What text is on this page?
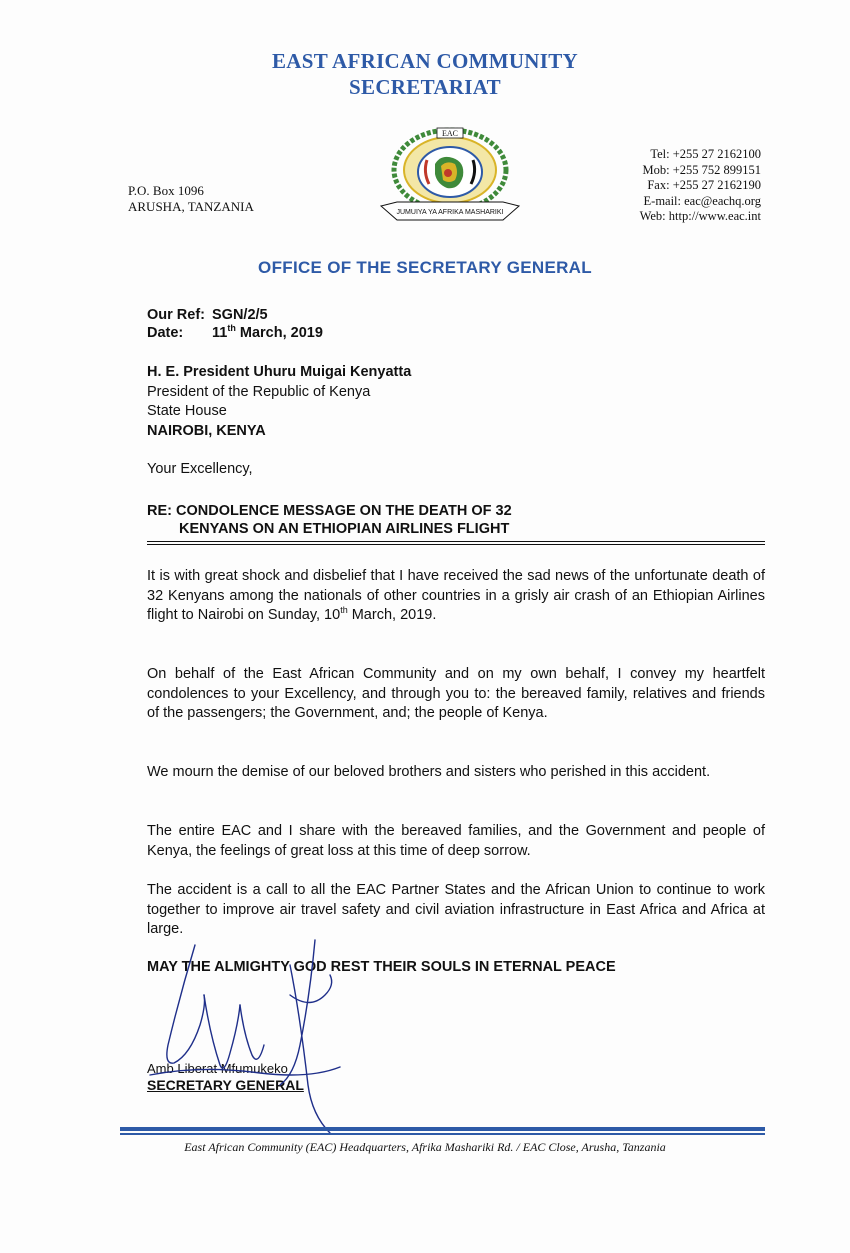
EAST AFRICAN COMMUNITY
SECRETARIAT
P.O. Box 1096
ARUSHA, TANZANIA
EAC
JUMUIYA YA AFRIKA MASHARIKI
Tel: +255 27 2162100
Mob: +255 752 899151
Fax: +255 27 2162190
E-mail: eac@eachq.org
Web: http://www.eac.int
OFFICE OF THE SECRETARY GENERAL
Our Ref: SGN/2/5
Date: 11th March, 2019
H. E. President Uhuru Muigai Kenyatta
President of the Republic of Kenya
State House
NAIROBI, KENYA
Your Excellency,
RE: CONDOLENCE MESSAGE ON THE DEATH OF 32
KENYANS ON AN ETHIOPIAN AIRLINES FLIGHT
It is with great shock and disbelief that I have received the sad news of the unfortunate death of 32 Kenyans among the nationals of other countries in a grisly air crash of an Ethiopian Airlines flight to Nairobi on Sunday, 10th March, 2019.
On behalf of the East African Community and on my own behalf, I convey my heartfelt condolences to your Excellency, and through you to: the bereaved family, relatives and friends of the passengers; the Government, and; the people of Kenya.
We mourn the demise of our beloved brothers and sisters who perished in this accident.
The entire EAC and I share with the bereaved families, and the Government and people of Kenya, the feelings of great loss at this time of deep sorrow.
The accident is a call to all the EAC Partner States and the African Union to continue to work together to improve air travel safety and civil aviation infrastructure in East Africa and Africa at large.
MAY THE ALMIGHTY GOD REST THEIR SOULS IN ETERNAL PEACE
Amb Liberat Mfumukeko
SECRETARY GENERAL
East African Community (EAC) Headquarters, Afrika Mashariki Rd. / EAC Close, Arusha, Tanzania
